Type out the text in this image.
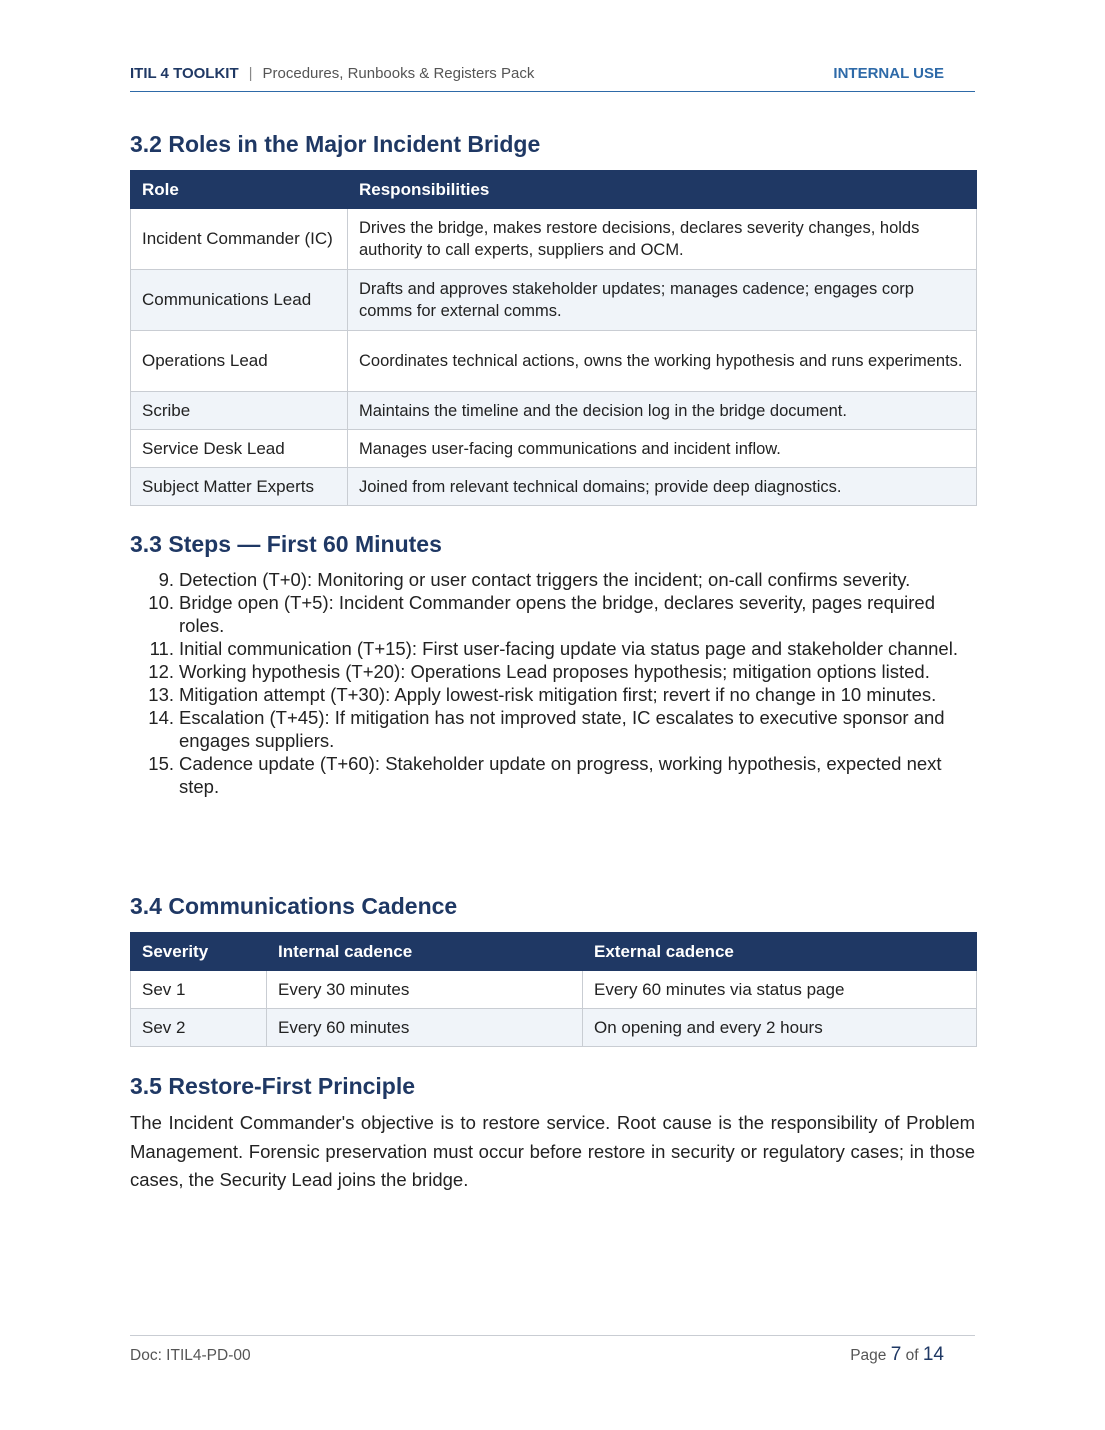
ITIL 4 TOOLKIT | Procedures, Runbooks & Registers Pack	INTERNAL USE
3.2 Roles in the Major Incident Bridge
Role	Responsibilities
Incident Commander (IC)	Drives the bridge, makes restore decisions, declares severity changes, holds authority to call experts, suppliers and OCM.
Communications Lead	Drafts and approves stakeholder updates; manages cadence; engages corp comms for external comms.
Operations Lead	Coordinates technical actions, owns the working hypothesis and runs experiments.
Scribe	Maintains the timeline and the decision log in the bridge document.
Service Desk Lead	Manages user-facing communications and incident inflow.
Subject Matter Experts	Joined from relevant technical domains; provide deep diagnostics.
3.3 Steps — First 60 Minutes
9. Detection (T+0): Monitoring or user contact triggers the incident; on-call confirms severity.
10. Bridge open (T+5): Incident Commander opens the bridge, declares severity, pages required roles.
11. Initial communication (T+15): First user-facing update via status page and stakeholder channel.
12. Working hypothesis (T+20): Operations Lead proposes hypothesis; mitigation options listed.
13. Mitigation attempt (T+30): Apply lowest-risk mitigation first; revert if no change in 10 minutes.
14. Escalation (T+45): If mitigation has not improved state, IC escalates to executive sponsor and engages suppliers.
15. Cadence update (T+60): Stakeholder update on progress, working hypothesis, expected next step.
3.4 Communications Cadence
Severity	Internal cadence	External cadence
Sev 1	Every 30 minutes	Every 60 minutes via status page
Sev 2	Every 60 minutes	On opening and every 2 hours
3.5 Restore-First Principle
The Incident Commander's objective is to restore service. Root cause is the responsibility of Problem Management. Forensic preservation must occur before restore in security or regulatory cases; in those cases, the Security Lead joins the bridge.
Doc: ITIL4-PD-00	Page 7 of 14
